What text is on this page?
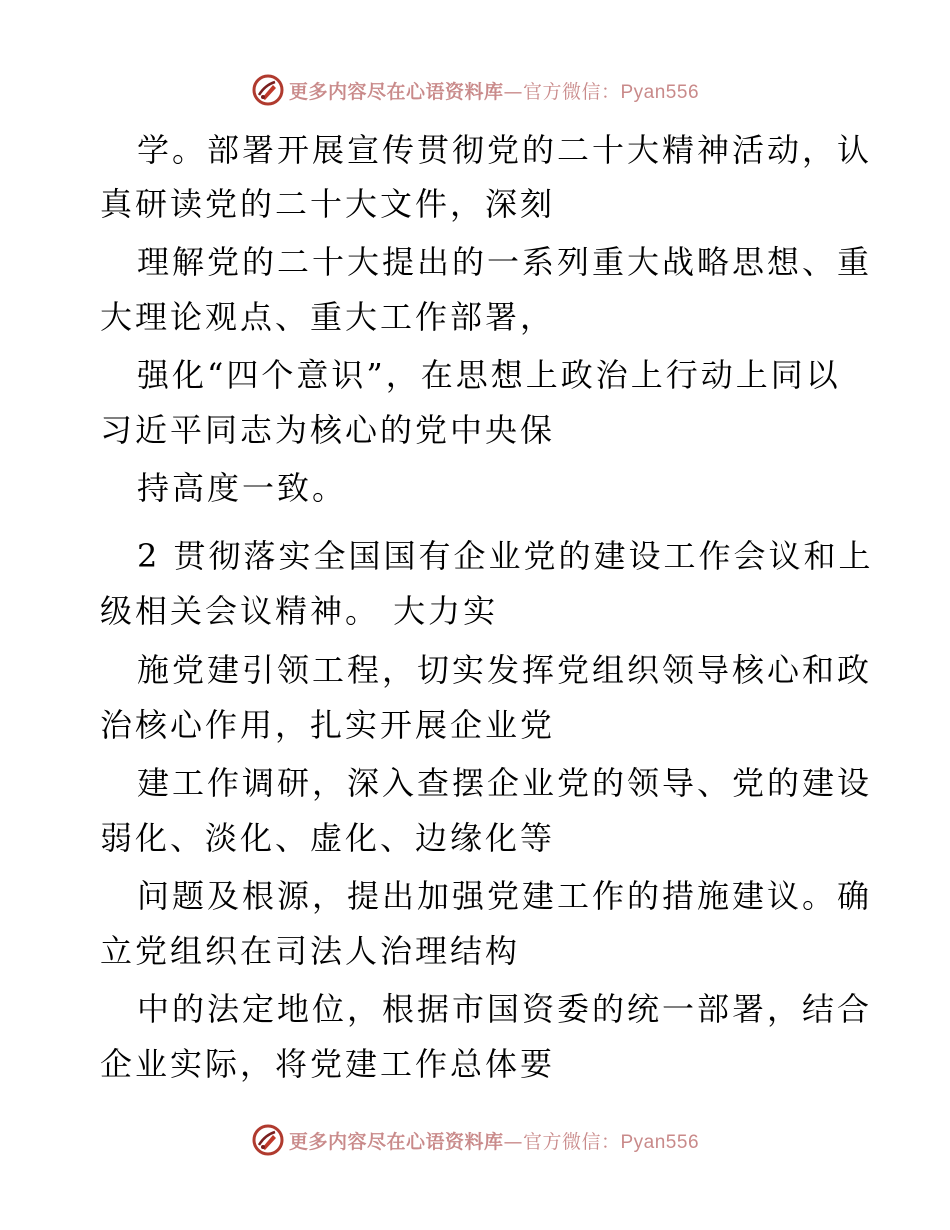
更多内容尽在心语资料库—官方微信：Pyan556
学。部署开展宣传贯彻党的二十大精神活动，认
真研读党的二十大文件，深刻
理解党的二十大提出的一系列重大战略思想、重
大理论观点、重大工作部署，
强化“四个意识”，在思想上政治上行动上同以
习近平同志为核心的党中央保
持高度一致。
2 贯彻落实全国国有企业党的建设工作会议和上
级相关会议精神。 大力实
施党建引领工程，切实发挥党组织领导核心和政
治核心作用，扎实开展企业党
建工作调研，深入查摆企业党的领导、党的建设
弱化、淡化、虚化、边缘化等
问题及根源，提出加强党建工作的措施建议。确
立党组织在司法人治理结构
中的法定地位，根据市国资委的统一部署，结合
企业实际，将党建工作总体要
更多内容尽在心语资料库—官方微信：Pyan556
